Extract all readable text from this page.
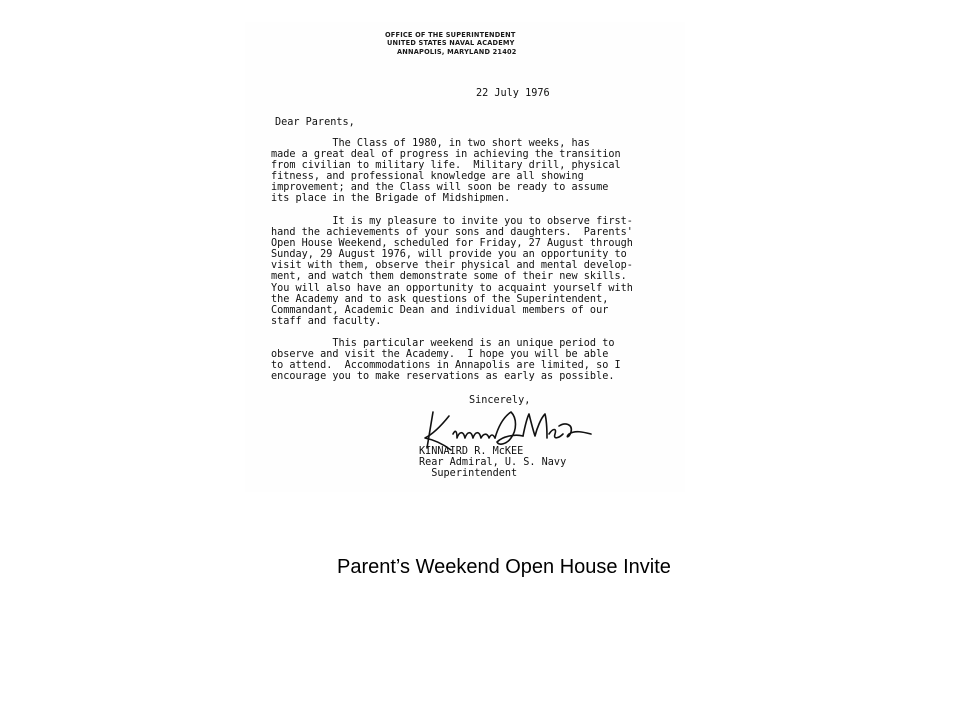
OFFICE OF THE SUPERINTENDENT
UNITED STATES NAVAL ACADEMY
ANNAPOLIS, MARYLAND 21402
22 July 1976
Dear Parents,
The Class of 1980, in two short weeks, has
made a great deal of progress in achieving the transition
from civilian to military life.  Military drill, physical
fitness, and professional knowledge are all showing
improvement; and the Class will soon be ready to assume
its place in the Brigade of Midshipmen.
It is my pleasure to invite you to observe first-
hand the achievements of your sons and daughters.  Parents'
Open House Weekend, scheduled for Friday, 27 August through
Sunday, 29 August 1976, will provide you an opportunity to
visit with them, observe their physical and mental develop-
ment, and watch them demonstrate some of their new skills.
You will also have an opportunity to acquaint yourself with
the Academy and to ask questions of the Superintendent,
Commandant, Academic Dean and individual members of our
staff and faculty.
This particular weekend is an unique period to
observe and visit the Academy.  I hope you will be able
to attend.  Accommodations in Annapolis are limited, so I
encourage you to make reservations as early as possible.
Sincerely,
KINNAIRD R. McKEE
Rear Admiral, U. S. Navy
Superintendent
Parent’s Weekend Open House Invite
